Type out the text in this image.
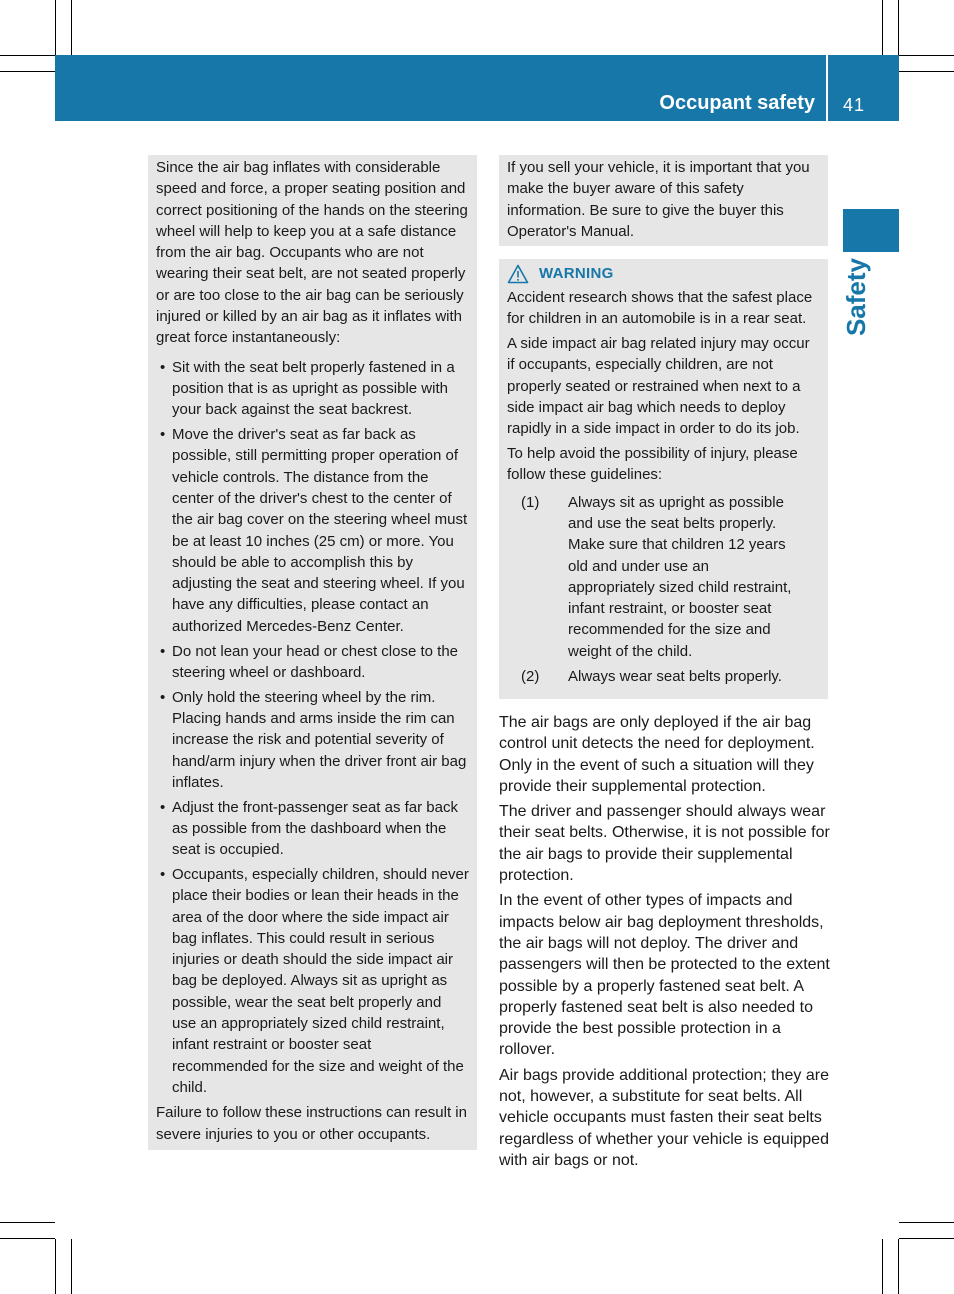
Occupant safety 41
Safety

Since the air bag inflates with considerable speed and force, a proper seating position and correct positioning of the hands on the steering wheel will help to keep you at a safe distance from the air bag. Occupants who are not wearing their seat belt, are not seated properly or are too close to the air bag can be seriously injured or killed by an air bag as it inflates with great force instantaneously:

• Sit with the seat belt properly fastened in a position that is as upright as possible with your back against the seat backrest.
• Move the driver's seat as far back as possible, still permitting proper operation of vehicle controls. The distance from the center of the driver's chest to the center of the air bag cover on the steering wheel must be at least 10 inches (25 cm) or more. You should be able to accomplish this by adjusting the seat and steering wheel. If you have any difficulties, please contact an authorized Mercedes-Benz Center.
• Do not lean your head or chest close to the steering wheel or dashboard.
• Only hold the steering wheel by the rim. Placing hands and arms inside the rim can increase the risk and potential severity of hand/arm injury when the driver front air bag inflates.
• Adjust the front-passenger seat as far back as possible from the dashboard when the seat is occupied.
• Occupants, especially children, should never place their bodies or lean their heads in the area of the door where the side impact air bag inflates. This could result in serious injuries or death should the side impact air bag be deployed. Always sit as upright as possible, wear the seat belt properly and use an appropriately sized child restraint, infant restraint or booster seat recommended for the size and weight of the child.

Failure to follow these instructions can result in severe injuries to you or other occupants.

If you sell your vehicle, it is important that you make the buyer aware of this safety information. Be sure to give the buyer this Operator's Manual.

WARNING

Accident research shows that the safest place for children in an automobile is in a rear seat.

A side impact air bag related injury may occur if occupants, especially children, are not properly seated or restrained when next to a side impact air bag which needs to deploy rapidly in a side impact in order to do its job.

To help avoid the possibility of injury, please follow these guidelines:

(1)	Always sit as upright as possible and use the seat belts properly. Make sure that children 12 years old and under use an appropriately sized child restraint, infant restraint, or booster seat recommended for the size and weight of the child.
(2)	Always wear seat belts properly.

The air bags are only deployed if the air bag control unit detects the need for deployment. Only in the event of such a situation will they provide their supplemental protection.

The driver and passenger should always wear their seat belts. Otherwise, it is not possible for the air bags to provide their supplemental protection.

In the event of other types of impacts and impacts below air bag deployment thresholds, the air bags will not deploy. The driver and passengers will then be protected to the extent possible by a properly fastened seat belt. A properly fastened seat belt is also needed to provide the best possible protection in a rollover.

Air bags provide additional protection; they are not, however, a substitute for seat belts. All vehicle occupants must fasten their seat belts regardless of whether your vehicle is equipped with air bags or not.
